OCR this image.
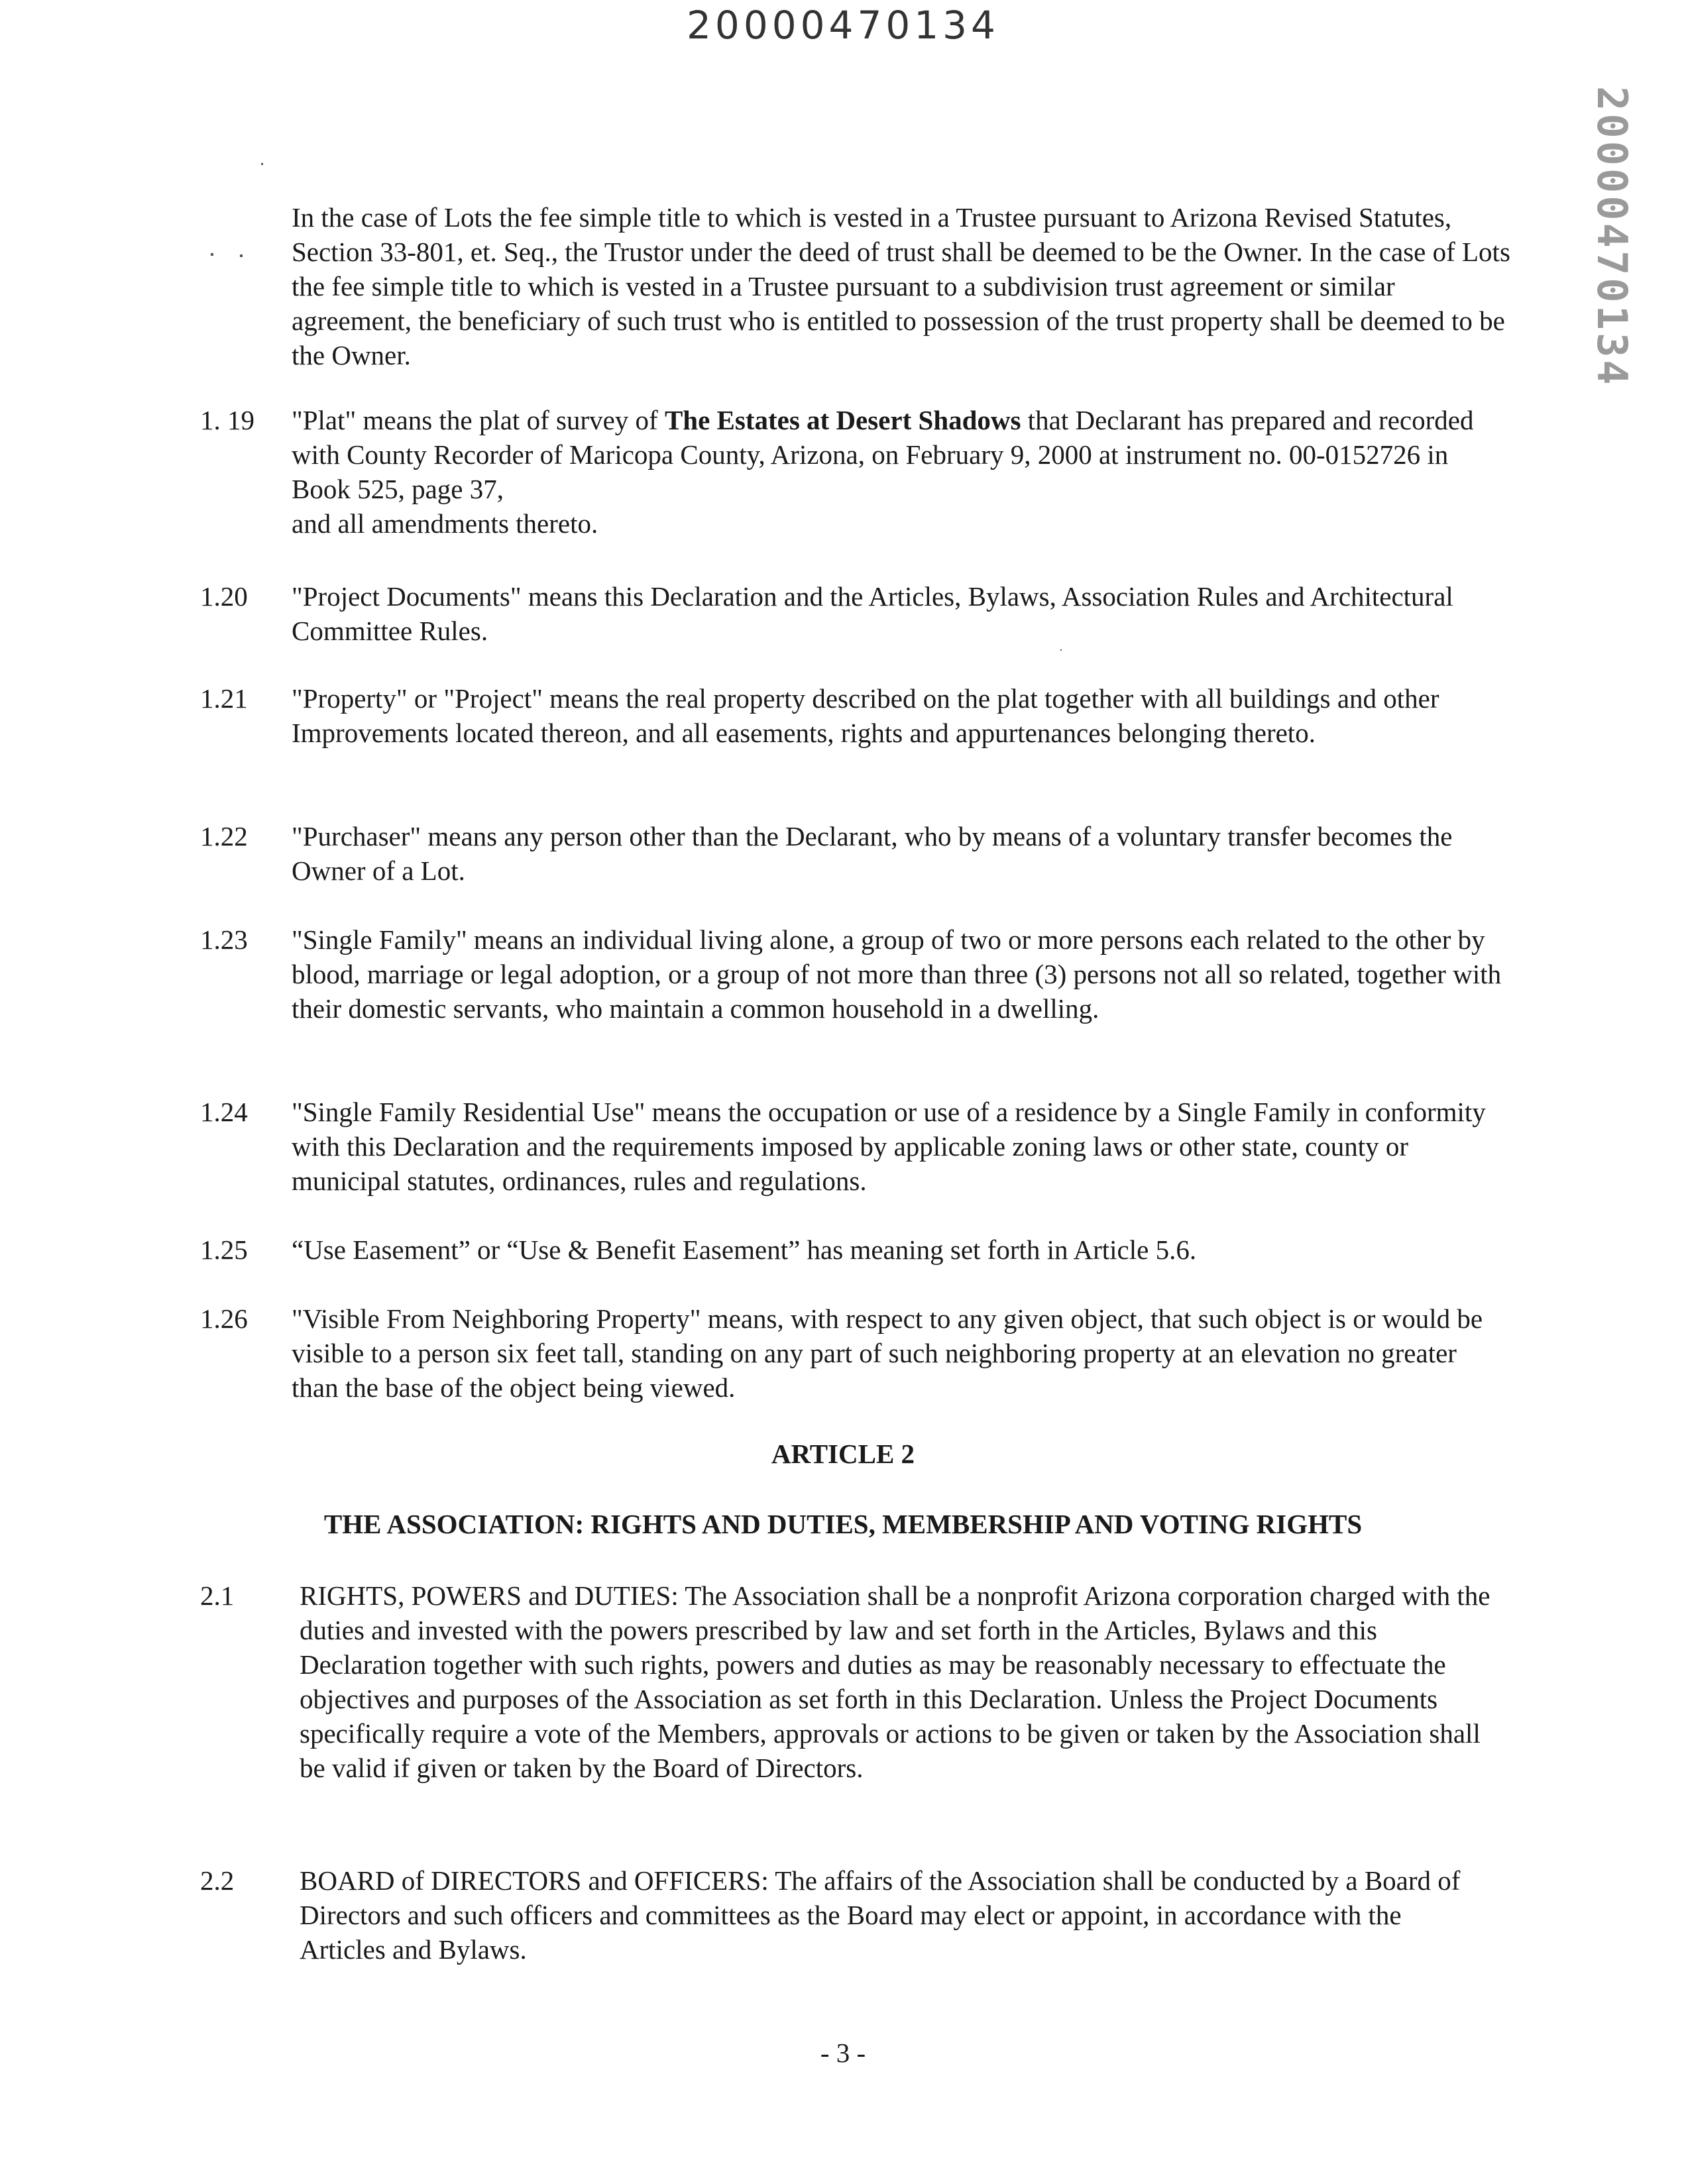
20000470134
20000470134
In the case of Lots the fee simple title to which is vested in a Trustee pursuant to Arizona Revised Statutes, Section 33-801, et. Seq., the Trustor under the deed of trust shall be deemed to be the Owner. In the case of Lots the fee simple title to which is vested in a Trustee pursuant to a subdivision trust agreement or similar agreement, the beneficiary of such trust who is entitled to possession of the trust property shall be deemed to be the Owner.
1. 19 "Plat" means the plat of survey of The Estates at Desert Shadows that Declarant has prepared and recorded with County Recorder of Maricopa County, Arizona, on February 9, 2000 at instrument no. 00-0152726 in Book 525, page 37,
and all amendments thereto.
1.20 "Project Documents" means this Declaration and the Articles, Bylaws, Association Rules and Architectural Committee Rules.
1.21 "Property" or "Project" means the real property described on the plat together with all buildings and other Improvements located thereon, and all easements, rights and appurtenances belonging thereto.
1.22 "Purchaser" means any person other than the Declarant, who by means of a voluntary transfer becomes the Owner of a Lot.
1.23 "Single Family" means an individual living alone, a group of two or more persons each related to the other by blood, marriage or legal adoption, or a group of not more than three (3) persons not all so related, together with their domestic servants, who maintain a common household in a dwelling.
1.24 "Single Family Residential Use" means the occupation or use of a residence by a Single Family in conformity with this Declaration and the requirements imposed by applicable zoning laws or other state, county or municipal statutes, ordinances, rules and regulations.
1.25 “Use Easement” or “Use & Benefit Easement” has meaning set forth in Article 5.6.
1.26 "Visible From Neighboring Property" means, with respect to any given object, that such object is or would be visible to a person six feet tall, standing on any part of such neighboring property at an elevation no greater than the base of the object being viewed.
ARTICLE 2
THE ASSOCIATION: RIGHTS AND DUTIES, MEMBERSHIP AND VOTING RIGHTS
2.1 RIGHTS, POWERS and DUTIES: The Association shall be a nonprofit Arizona corporation charged with the duties and invested with the powers prescribed by law and set forth in the Articles, Bylaws and this Declaration together with such rights, powers and duties as may be reasonably necessary to effectuate the objectives and purposes of the Association as set forth in this Declaration. Unless the Project Documents specifically require a vote of the Members, approvals or actions to be given or taken by the Association shall be valid if given or taken by the Board of Directors.
2.2 BOARD of DIRECTORS and OFFICERS: The affairs of the Association shall be conducted by a Board of Directors and such officers and committees as the Board may elect or appoint, in accordance with the Articles and Bylaws.
- 3 -
